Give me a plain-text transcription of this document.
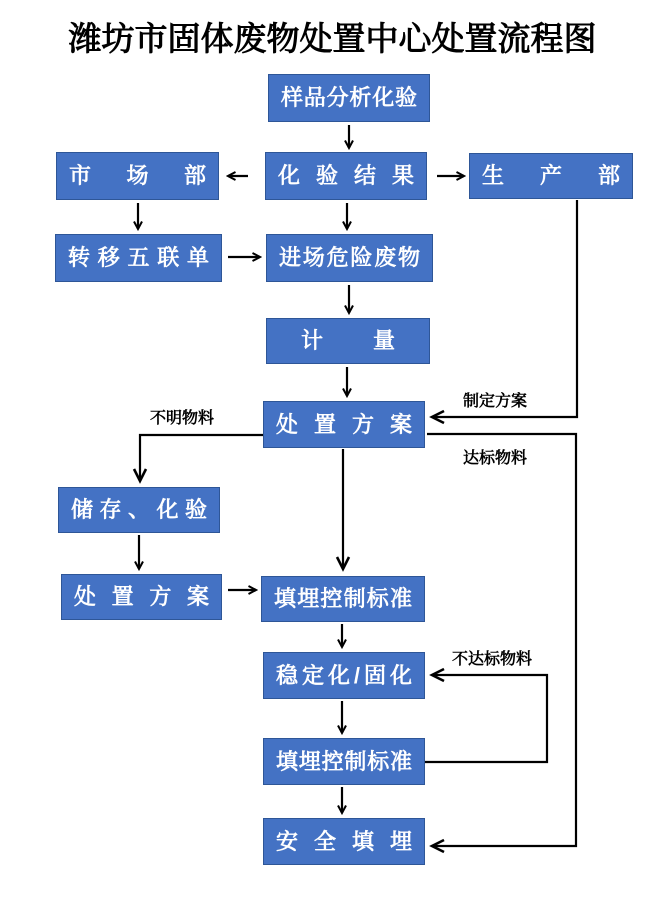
潍坊市固体废物处置中心处置流程图
样品分析化验
市场部	化验结果	生产部
转移五联单	进场危险废物
计量
处置方案
储存、化验
处置方案	填埋控制标准
稳定化/固化
填埋控制标准
安全填埋
不明物料
制定方案
达标物料
不达标物料
